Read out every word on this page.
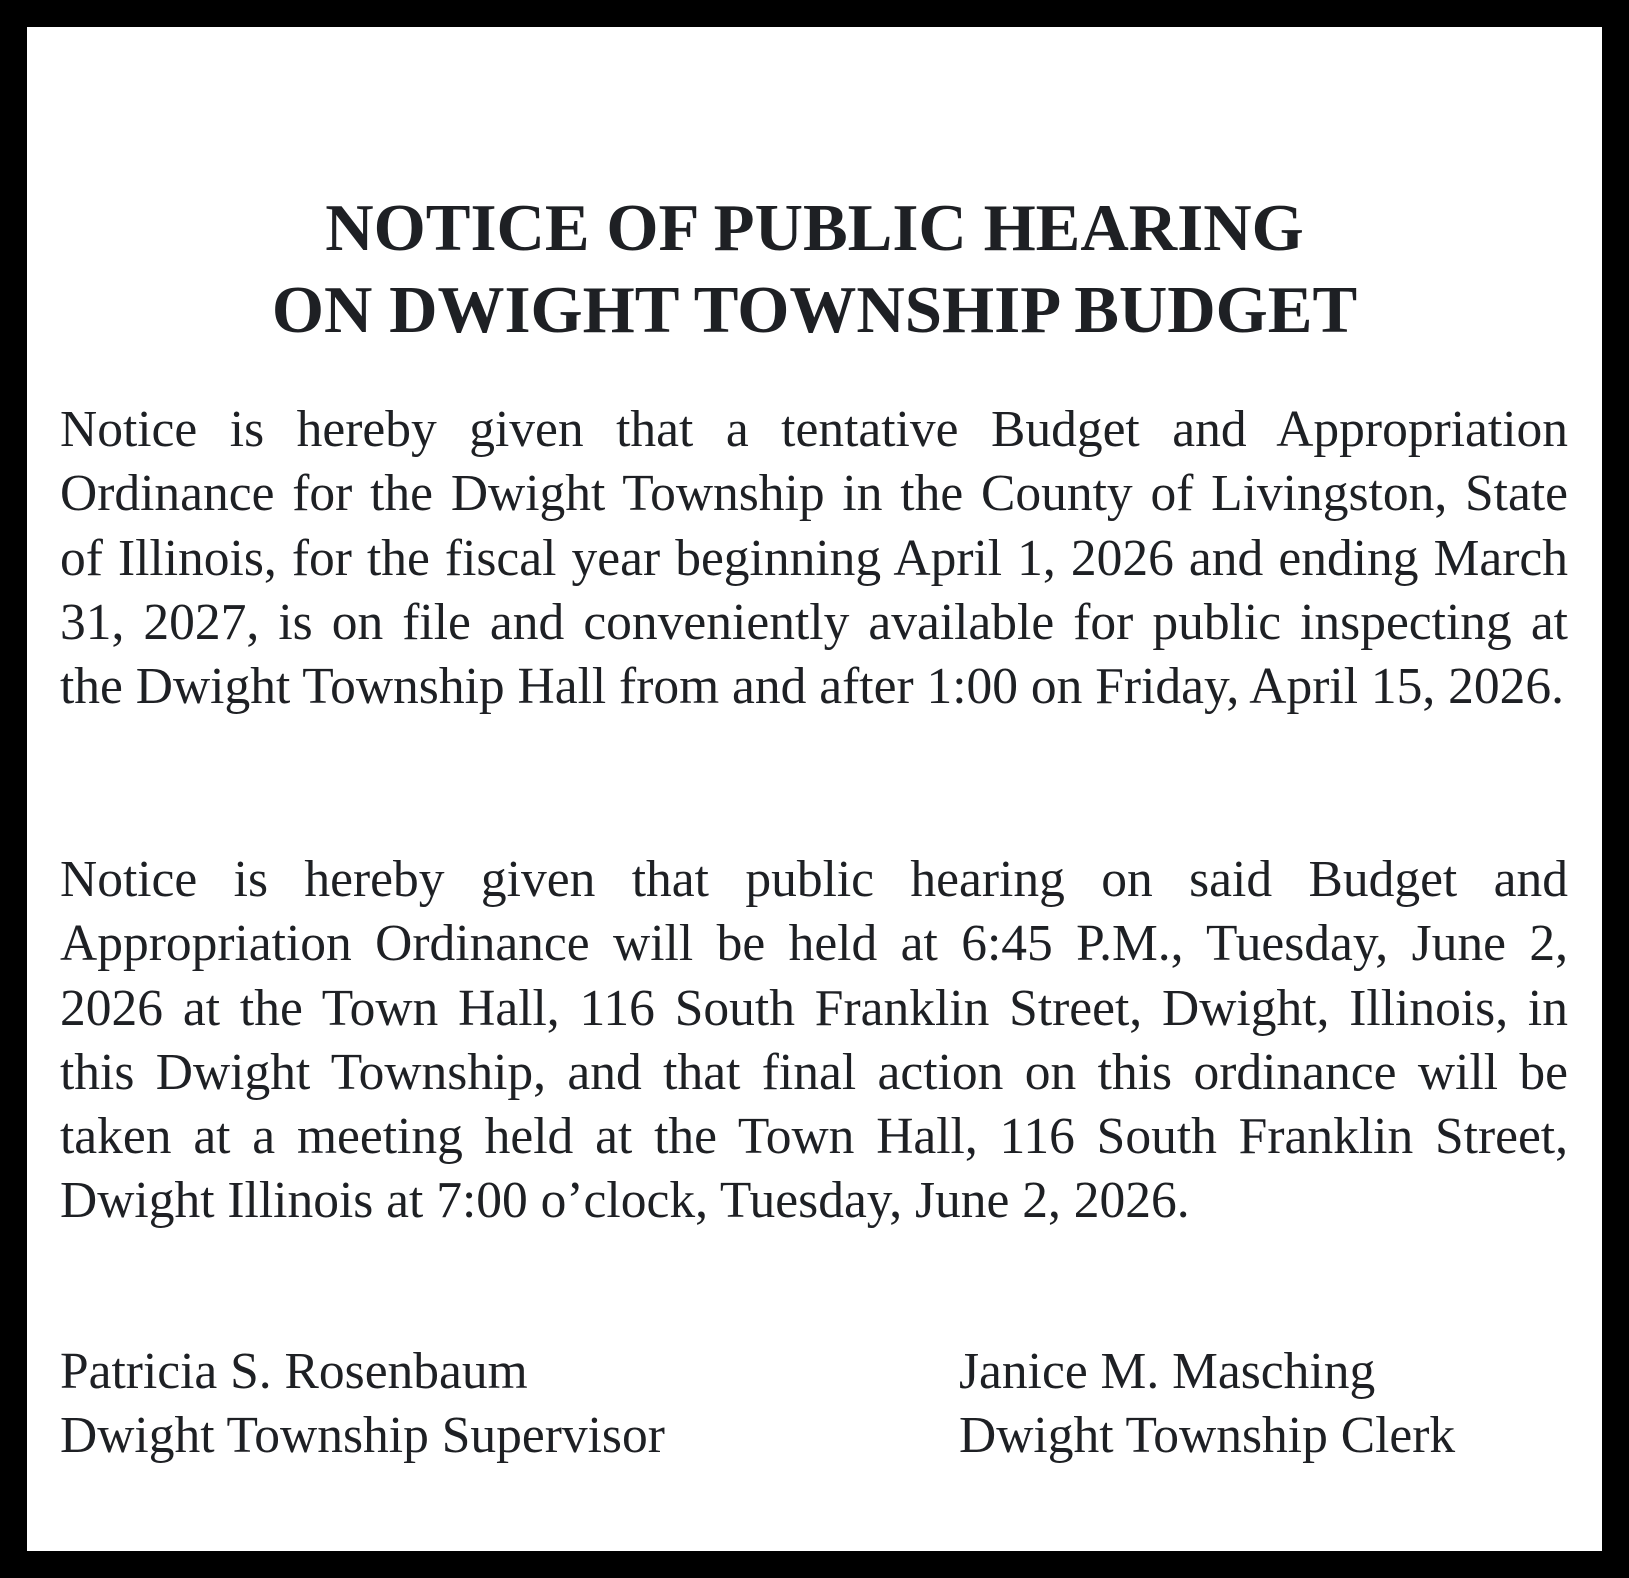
NOTICE OF PUBLIC HEARING
ON DWIGHT TOWNSHIP BUDGET

Notice is hereby given that a tentative Budget and Appropriation Ordinance for the Dwight Township in the County of Livingston, State of Illinois, for the fiscal year beginning April 1, 2026 and ending March 31, 2027, is on file and conveniently available for public inspecting at the Dwight Township Hall from and after 1:00 on Friday, April 15, 2026.

Notice is hereby given that public hearing on said Budget and Appropriation Ordinance will be held at 6:45 P.M., Tuesday, June 2, 2026 at the Town Hall, 116 South Franklin Street, Dwight, Illinois, in this Dwight Township, and that final action on this ordinance will be taken at a meeting held at the Town Hall, 116 South Franklin Street, Dwight Illinois at 7:00 o’clock, Tuesday, June 2, 2026.

Patricia S. Rosenbaum
Dwight Township Supervisor
Janice M. Masching
Dwight Township Clerk
